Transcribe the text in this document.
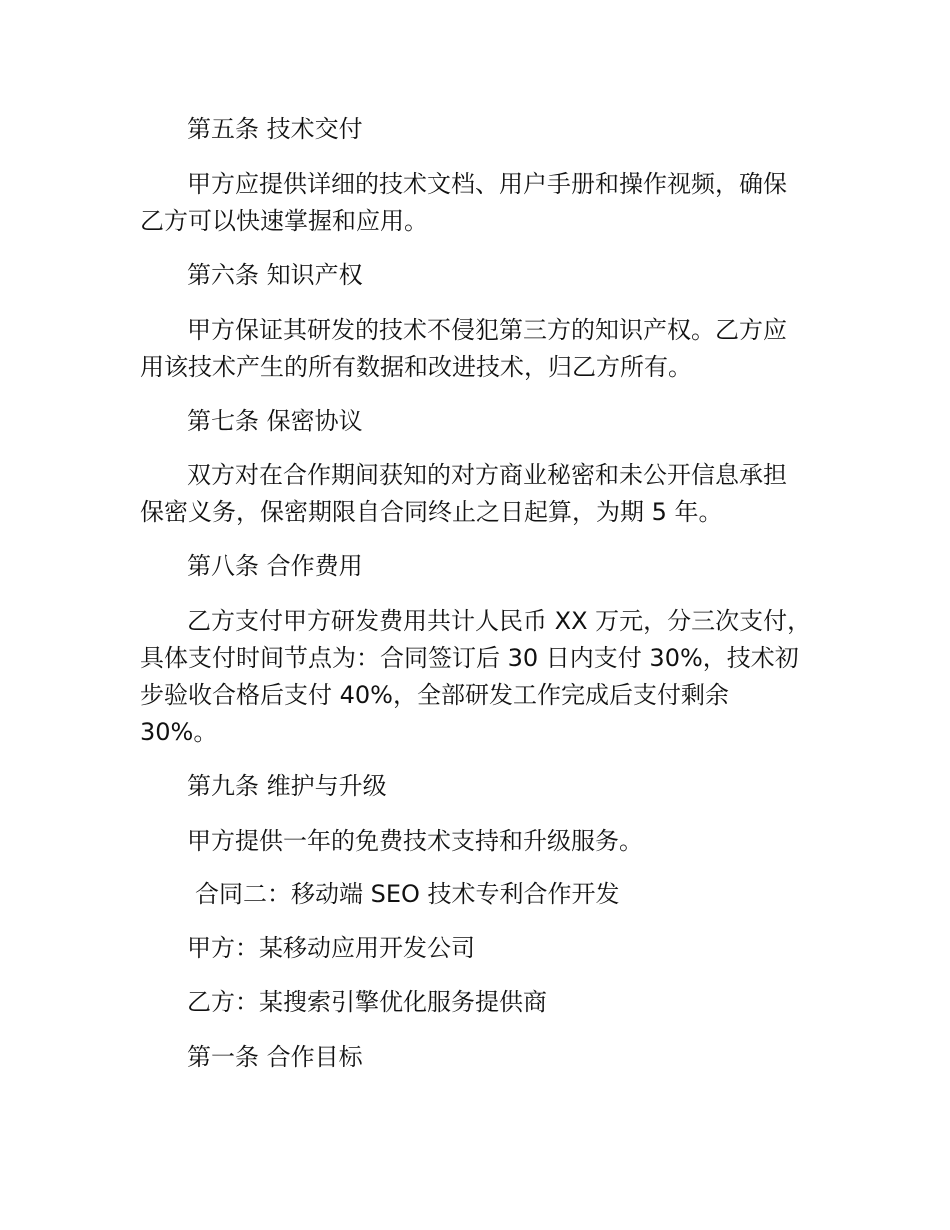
第五条 技术交付
甲方应提供详细的技术文档、用户手册和操作视频，确保
乙方可以快速掌握和应用。
第六条 知识产权
甲方保证其研发的技术不侵犯第三方的知识产权。乙方应
用该技术产生的所有数据和改进技术，归乙方所有。
第七条 保密协议
双方对在合作期间获知的对方商业秘密和未公开信息承担
保密义务，保密期限自合同终止之日起算，为期 5 年。
第八条 合作费用
乙方支付甲方研发费用共计人民币 XX 万元，分三次支付，
具体支付时间节点为：合同签订后 30 日内支付 30%，技术初
步验收合格后支付 40%，全部研发工作完成后支付剩余
30%。
第九条 维护与升级
甲方提供一年的免费技术支持和升级服务。
合同二：移动端 SEO 技术专利合作开发
甲方：某移动应用开发公司
乙方：某搜索引擎优化服务提供商
第一条 合作目标
